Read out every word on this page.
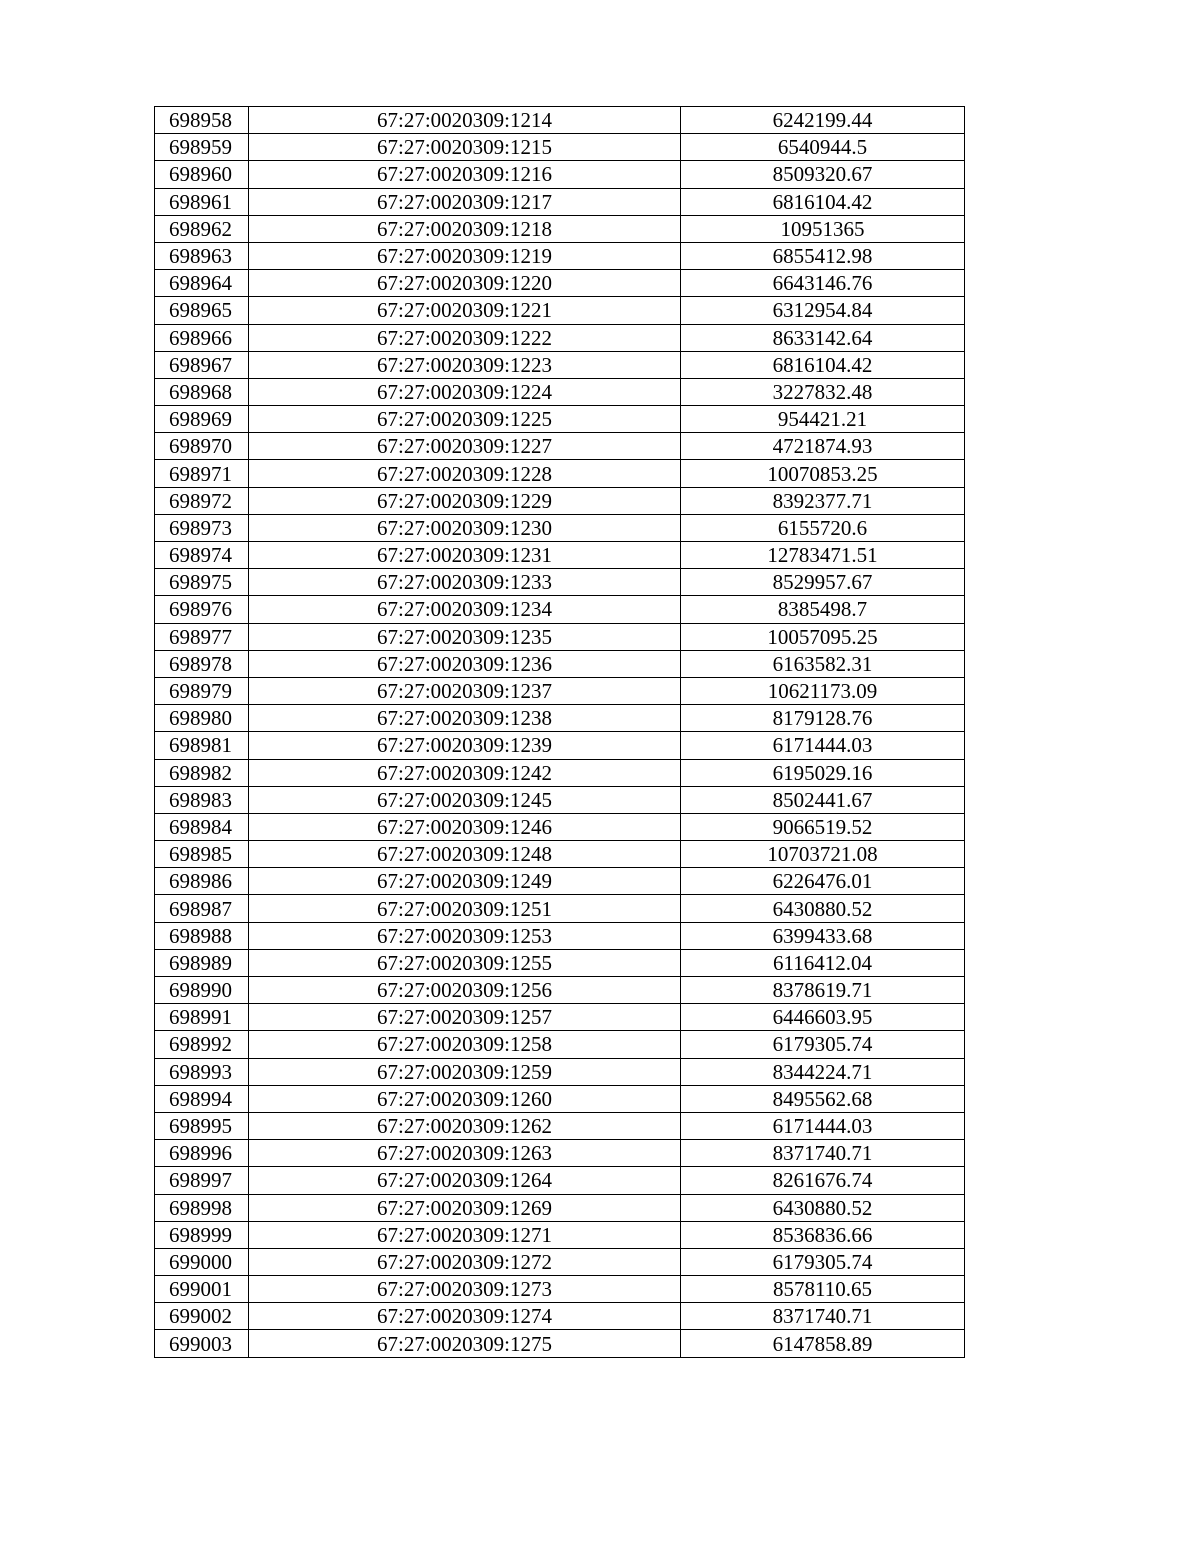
698958	67:27:0020309:1214	6242199.44
698959	67:27:0020309:1215	6540944.5
698960	67:27:0020309:1216	8509320.67
698961	67:27:0020309:1217	6816104.42
698962	67:27:0020309:1218	10951365
698963	67:27:0020309:1219	6855412.98
698964	67:27:0020309:1220	6643146.76
698965	67:27:0020309:1221	6312954.84
698966	67:27:0020309:1222	8633142.64
698967	67:27:0020309:1223	6816104.42
698968	67:27:0020309:1224	3227832.48
698969	67:27:0020309:1225	954421.21
698970	67:27:0020309:1227	4721874.93
698971	67:27:0020309:1228	10070853.25
698972	67:27:0020309:1229	8392377.71
698973	67:27:0020309:1230	6155720.6
698974	67:27:0020309:1231	12783471.51
698975	67:27:0020309:1233	8529957.67
698976	67:27:0020309:1234	8385498.7
698977	67:27:0020309:1235	10057095.25
698978	67:27:0020309:1236	6163582.31
698979	67:27:0020309:1237	10621173.09
698980	67:27:0020309:1238	8179128.76
698981	67:27:0020309:1239	6171444.03
698982	67:27:0020309:1242	6195029.16
698983	67:27:0020309:1245	8502441.67
698984	67:27:0020309:1246	9066519.52
698985	67:27:0020309:1248	10703721.08
698986	67:27:0020309:1249	6226476.01
698987	67:27:0020309:1251	6430880.52
698988	67:27:0020309:1253	6399433.68
698989	67:27:0020309:1255	6116412.04
698990	67:27:0020309:1256	8378619.71
698991	67:27:0020309:1257	6446603.95
698992	67:27:0020309:1258	6179305.74
698993	67:27:0020309:1259	8344224.71
698994	67:27:0020309:1260	8495562.68
698995	67:27:0020309:1262	6171444.03
698996	67:27:0020309:1263	8371740.71
698997	67:27:0020309:1264	8261676.74
698998	67:27:0020309:1269	6430880.52
698999	67:27:0020309:1271	8536836.66
699000	67:27:0020309:1272	6179305.74
699001	67:27:0020309:1273	8578110.65
699002	67:27:0020309:1274	8371740.71
699003	67:27:0020309:1275	6147858.89
